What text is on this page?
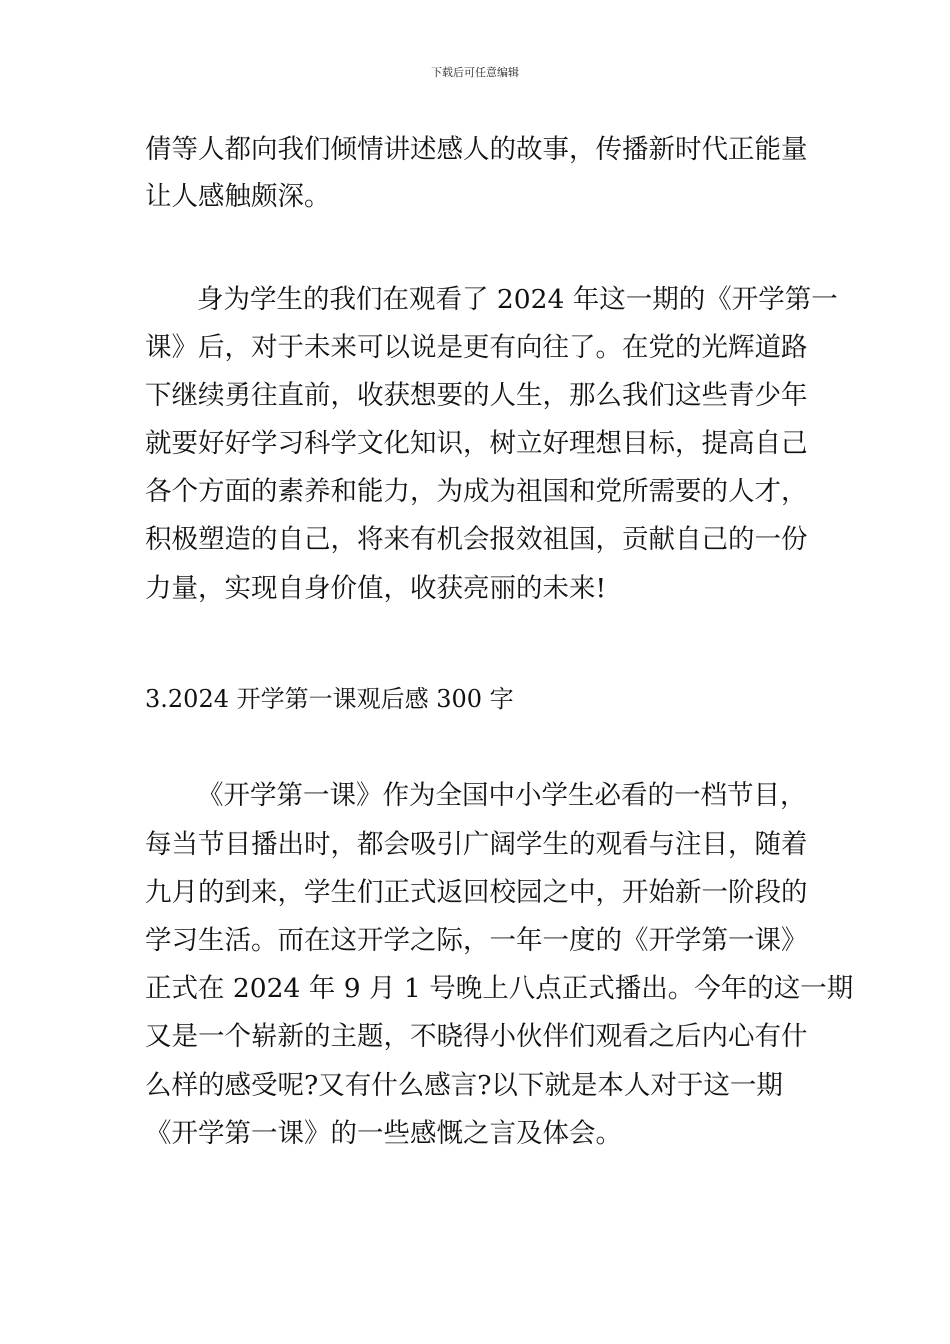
下载后可任意编辑
倩等人都向我们倾情讲述感人的故事，传播新时代正能量
让人感触颇深。
身为学生的我们在观看了 2024 年这一期的《开学第一
课》后，对于未来可以说是更有向往了。在党的光辉道路
下继续勇往直前，收获想要的人生，那么我们这些青少年
就要好好学习科学文化知识，树立好理想目标，提高自己
各个方面的素养和能力，为成为祖国和党所需要的人才，
积极塑造的自己，将来有机会报效祖国，贡献自己的一份
力量，实现自身价值，收获亮丽的未来!
3.2024 开学第一课观后感 300 字
《开学第一课》作为全国中小学生必看的一档节目，
每当节目播出时，都会吸引广阔学生的观看与注目，随着
九月的到来，学生们正式返回校园之中，开始新一阶段的
学习生活。而在这开学之际，一年一度的《开学第一课》
正式在 2024 年 9 月 1 号晚上八点正式播出。今年的这一期
又是一个崭新的主题，不晓得小伙伴们观看之后内心有什
么样的感受呢?又有什么感言?以下就是本人对于这一期
《开学第一课》的一些感慨之言及体会。
